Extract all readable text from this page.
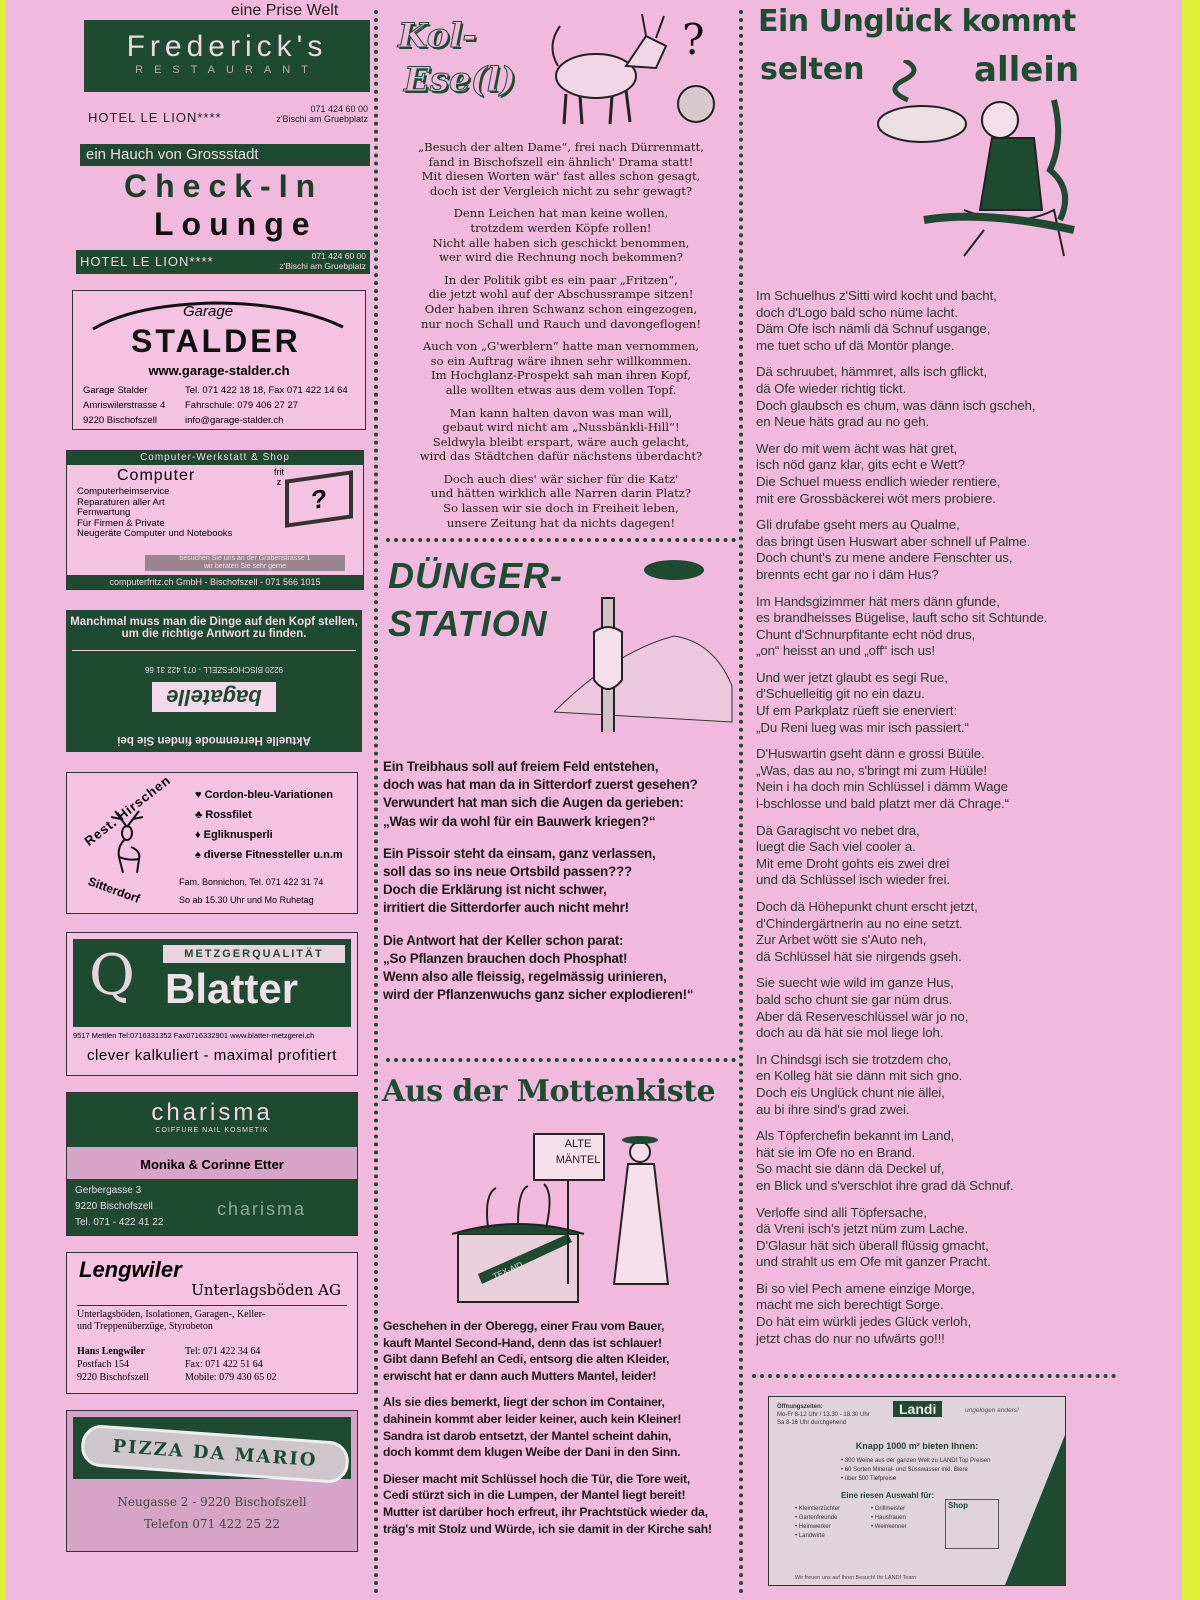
eine Prise Welt
Frederick's
RESTAURANT
HOTEL LE LION****
071 424 60 00
z'Bischi am Gruebplatz
ein Hauch von Grossstadt
Check-In
Lounge
HOTEL LE LION****	071 424 60 00
z'Bischi am Gruebplatz
Garage
STALDER
www.garage-stalder.ch
Garage Stalder
Amriswilerstrasse 4
9220 Bischofszell
Tel. 071 422 18 18, Fax 071 422 14 64
Fahrschule: 079 406 27 27
info@garage-stalder.ch
Computer-Werkstatt & Shop
Computer	fritz
?
Computerheimservice
Reparaturen aller Art
Fernwartung
Für Firmen & Private
Neugeräte Computer und Notebooks
besuchen Sie uns an der Grabenstrasse 1
wir beraten Sie sehr gerne
computerfritz.ch GmbH - Bischofszell - 071 566 1015
Manchmal muss man die Dinge auf den Kopf stellen,
um die richtige Antwort zu finden.
Aktuelle Herrenmode finden Sie bei
bagatelle
9220 BISCHOFSZELL - 071 422 31 66
Rest. Hirschen
Sitterdorf
♥ Cordon-bleu-Variationen
♣ Rossfilet
♦ Egliknusperli
♠ diverse Fitnessteller u.n.m
Fam. Bonnichon, Tel. 071 422 31 74
So ab 15.30 Uhr und Mo Ruhetag
Q	METZGERQUALITÄT
Blatter
9517 Mettlen Tel:0716331352 Fax0716332901 www.blatter-metzgerei.ch
clever kalkuliert - maximal profitiert
charisma
COIFFURE NAIL KOSMETIK
Monika & Corinne Etter
Gerbergasse 3
9220 Bischofszell
Tel. 071 - 422 41 22
charisma
Lengwiler
Unterlagsböden AG
Unterlagsböden, Isolationen, Garagen-, Keller-
und Treppenüberzüge, Styrobeton
Hans Lengwiler
Postfach 154
9220 Bischofszell
Tel: 071 422 34 64
Fax: 071 422 51 64
Mobile: 079 430 65 02
PIZZA DA MARIO
Neugasse 2 - 9220 Bischofszell
Telefon 071 422 25 22
Kol-
Ese(l)
?

„Besuch der alten Dame“, frei nach Dürrenmatt,
fand in Bischofszell ein ähnlich' Drama statt!
Mit diesen Worten wär' fast alles schon gesagt,
doch ist der Vergleich nicht zu sehr gewagt?

Denn Leichen hat man keine wollen,
trotzdem werden Köpfe rollen!
Nicht alle haben sich geschickt benommen,
wer wird die Rechnung noch bekommen?

In der Politik gibt es ein paar „Fritzen“,
die jetzt wohl auf der Abschussrampe sitzen!
Oder haben ihren Schwanz schon eingezogen,
nur noch Schall und Rauch und davongeflogen!

Auch von „G'werblern“ hatte man vernommen,
so ein Auftrag wäre ihnen sehr willkommen.
Im Hochglanz-Prospekt sah man ihren Kopf,
alle wollten etwas aus dem vollen Topf.

Man kann halten davon was man will,
gebaut wird nicht am „Nussbänkli-Hill“!
Seldwyla bleibt erspart, wäre auch gelacht,
wird das Städtchen dafür nächstens überdacht?

Doch auch dies' wär sicher für die Katz'
und hätten wirklich alle Narren darin Platz?
So lassen wir sie doch in Freiheit leben,
unsere Zeitung hat da nichts dagegen!

DÜNGER-
STATION

Ein Treibhaus soll auf freiem Feld entstehen,
doch was hat man da in Sitterdorf zuerst gesehen?
Verwundert hat man sich die Augen da gerieben:
„Was wir da wohl für ein Bauwerk kriegen?“

Ein Pissoir steht da einsam, ganz verlassen,
soll das so ins neue Ortsbild passen???
Doch die Erklärung ist nicht schwer,
irritiert die Sitterdorfer auch nicht mehr!

Die Antwort hat der Keller schon parat:
„So Pflanzen brauchen doch Phosphat!
Wenn also alle fleissig, regelmässig urinieren,
wird der Pflanzenwuchs ganz sicher explodieren!“

Aus der Mottenkiste
ALTE
MÄNTEL
TEX-AID

Geschehen in der Oberegg, einer Frau vom Bauer,
kauft Mantel Second-Hand, denn das ist schlauer!
Gibt dann Befehl an Cedi, entsorg die alten Kleider,
erwischt hat er dann auch Mutters Mantel, leider!

Als sie dies bemerkt, liegt der schon im Container,
dahinein kommt aber leider keiner, auch kein Kleiner!
Sandra ist darob entsetzt, der Mantel scheint dahin,
doch kommt dem klugen Weibe der Dani in den Sinn.

Dieser macht mit Schlüssel hoch die Tür, die Tore weit,
Cedi stürzt sich in die Lumpen, der Mantel liegt bereit!
Mutter ist darüber hoch erfreut, ihr Prachtstück wieder da,
träg's mit Stolz und Würde, ich sie damit in der Kirche sah!

Ein Unglück kommt
selten	allein

Im Schuelhus z'Sitti wird kocht und bacht,
doch d'Logo bald scho nüme lacht.
Däm Ofe isch nämli dä Schnuf usgange,
me tuet scho uf dä Montör plange.

Dä schruubet, hämmret, alls isch gflickt,
dä Ofe wieder richtig tickt.
Doch glaubsch es chum, was dänn isch gscheh,
en Neue häts grad au no geh.

Wer do mit wem ächt was hät gret,
isch nöd ganz klar, gits echt e Wett?
Die Schuel muess endlich wieder rentiere,
mit ere Grossbäckerei wöt mers probiere.

Gli drufabe gseht mers au Qualme,
das bringt üsen Huswart aber schnell uf Palme.
Doch chunt's zu mene andere Fenschter us,
brennts echt gar no i däm Hus?

Im Handsgizimmer hät mers dänn gfunde,
es brandheisses Bügelise, lauft scho sit Schtunde.
Chunt d'Schnurpfitante echt nöd drus,
„on“ heisst an und „off“ isch us!

Und wer jetzt glaubt es segi Rue,
d'Schuelleitig git no ein dazu.
Uf em Parkplatz rüeft sie enerviert:
„Du Reni lueg was mir isch passiert.“

D'Huswartin gseht dänn e grossi Büüle.
„Was, das au no, s'bringt mi zum Hüüle!
Nein i ha doch min Schlüssel i dämm Wage
i-bschlosse und bald platzt mer dä Chrage.“

Dä Garagischt vo nebet dra,
luegt die Sach viel cooler a.
Mit eme Droht gohts eis zwei drei
und dä Schlüssel isch wieder frei.

Doch dä Höhepunkt chunt erscht jetzt,
d'Chindergärtnerin au no eine setzt.
Zur Arbet wött sie s'Auto neh,
dä Schlüssel hät sie nirgends gseh.

Sie suecht wie wild im ganze Hus,
bald scho chunt sie gar nüm drus.
Aber dä Reserveschlüssel wär jo no,
doch au dä hät sie mol liege loh.

In Chindsgi isch sie trotzdem cho,
en Kolleg hät sie dänn mit sich gno.
Doch eis Unglück chunt nie ällei,
au bi ihre sind's grad zwei.

Als Töpferchefin bekannt im Land,
hät sie im Ofe no en Brand.
So macht sie dänn dä Deckel uf,
en Blick und s'verschlot ihre grad dä Schnuf.

Verloffe sind alli Töpfersache,
dä Vreni isch's jetzt nüm zum Lache.
D'Glasur hät sich überall flüssig gmacht,
und strahlt us em Ofe mit ganzer Pracht.

Bi so viel Pech amene einzige Morge,
macht me sich berechtigt Sorge.
Do hät eim würkli jedes Glück verloh,
jetzt chas do nur no ufwärts go!!!

Landi	ungelogen anders!
Öffnungszeiten:
Mo-Fr 8-12 Uhr / 13.30 - 18.30 Uhr
Sa 8-16 Uhr durchgehend
Knapp 1000 m² bieten Ihnen:
• 300 Weine aus der ganzen Welt zu LANDI Top Preisen
• 60 Sorten Mineral- und Süsswasser inkl. Biere
• über 500 Tiefpreise
Eine riesen Auswahl für:
• Kleintierzüchter
• Gartenfreunde
• Heimwerker
• Landwirte
• Grillmeister
• Hausfrauen
• Weinkenner
Shop
Wir freuen uns auf Ihren Besuch! Ihr LANDI Team
